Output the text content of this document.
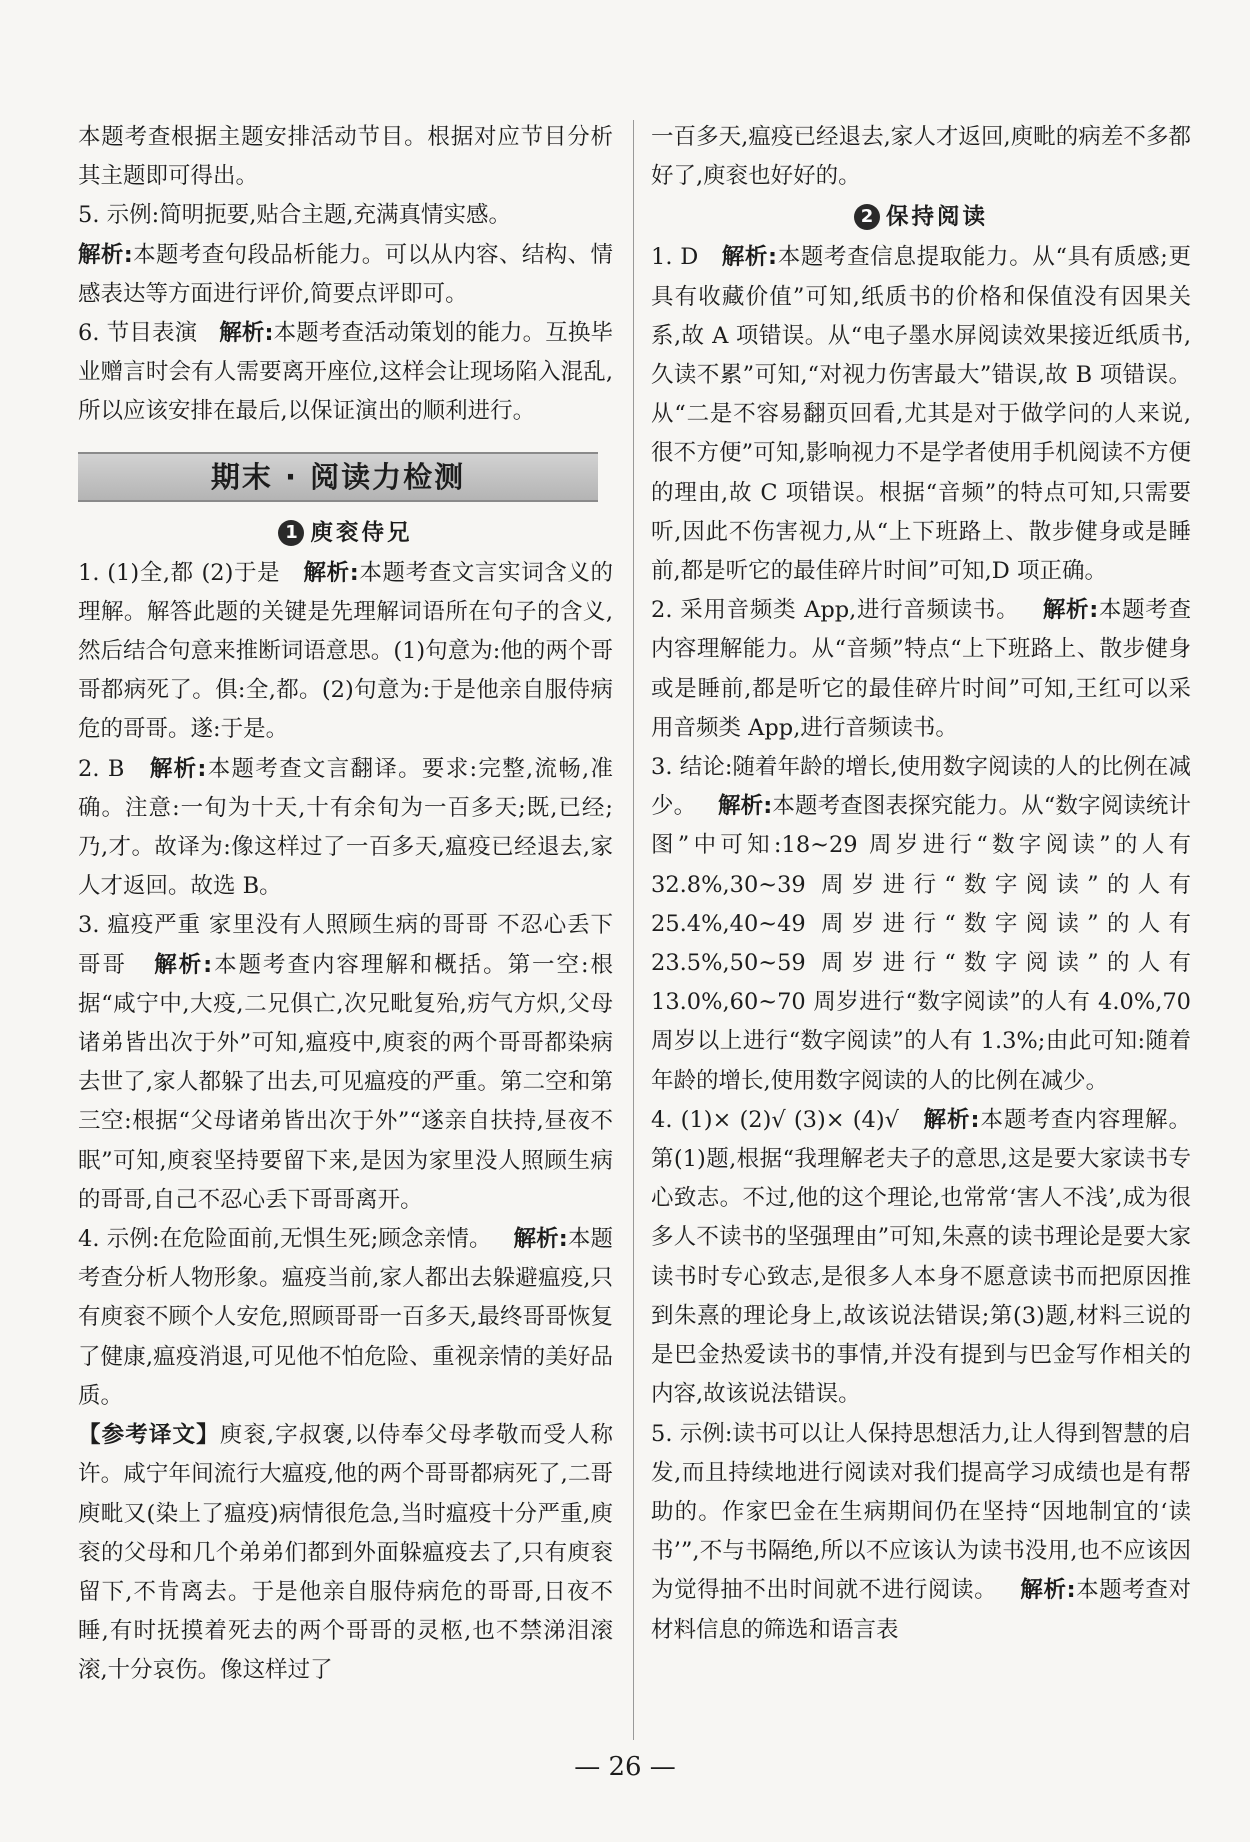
本题考查根据主题安排活动节目。根据对应节目分析其主题即可得出。

5. 示例:简明扼要,贴合主题,充满真情实感。

解析:本题考查句段品析能力。可以从内容、结构、情感表达等方面进行评价,简要点评即可。

6. 节目表演 解析:本题考查活动策划的能力。互换毕业赠言时会有人需要离开座位,这样会让现场陷入混乱,所以应该安排在最后,以保证演出的顺利进行。

期末 · 阅读力检测
1 庾衮侍兄

1. (1)全,都 (2)于是 解析:本题考查文言实词含义的理解。解答此题的关键是先理解词语所在句子的含义,然后结合句意来推断词语意思。(1)句意为:他的两个哥哥都病死了。俱:全,都。(2)句意为:于是他亲自服侍病危的哥哥。遂:于是。

2. B 解析:本题考查文言翻译。要求:完整,流畅,准确。注意:一旬为十天,十有余旬为一百多天;既,已经;乃,才。故译为:像这样过了一百多天,瘟疫已经退去,家人才返回。故选 B。

3. 瘟疫严重 家里没有人照顾生病的哥哥 不忍心丢下哥哥 解析:本题考查内容理解和概括。第一空:根据“咸宁中,大疫,二兄俱亡,次兄毗复殆,疠气方炽,父母诸弟皆出次于外”可知,瘟疫中,庾衮的两个哥哥都染病去世了,家人都躲了出去,可见瘟疫的严重。第二空和第三空:根据“父母诸弟皆出次于外”“遂亲自扶持,昼夜不眠”可知,庾衮坚持要留下来,是因为家里没人照顾生病的哥哥,自己不忍心丢下哥哥离开。

4. 示例:在危险面前,无惧生死;顾念亲情。 解析:本题考查分析人物形象。瘟疫当前,家人都出去躲避瘟疫,只有庾衮不顾个人安危,照顾哥哥一百多天,最终哥哥恢复了健康,瘟疫消退,可见他不怕危险、重视亲情的美好品质。

【参考译文】庾衮,字叔褒,以侍奉父母孝敬而受人称许。咸宁年间流行大瘟疫,他的两个哥哥都病死了,二哥庾毗又(染上了瘟疫)病情很危急,当时瘟疫十分严重,庾衮的父母和几个弟弟们都到外面躲瘟疫去了,只有庾衮留下,不肯离去。于是他亲自服侍病危的哥哥,日夜不睡,有时抚摸着死去的两个哥哥的灵柩,也不禁涕泪滚滚,十分哀伤。像这样过了

一百多天,瘟疫已经退去,家人才返回,庾毗的病差不多都好了,庾衮也好好的。

2 保持阅读

1. D 解析:本题考查信息提取能力。从“具有质感;更具有收藏价值”可知,纸质书的价格和保值没有因果关系,故 A 项错误。从“电子墨水屏阅读效果接近纸质书,久读不累”可知,“对视力伤害最大”错误,故 B 项错误。从“二是不容易翻页回看,尤其是对于做学问的人来说,很不方便”可知,影响视力不是学者使用手机阅读不方便的理由,故 C 项错误。根据“音频”的特点可知,只需要听,因此不伤害视力,从“上下班路上、散步健身或是睡前,都是听它的最佳碎片时间”可知,D 项正确。

2. 采用音频类 App,进行音频读书。 解析:本题考查内容理解能力。从“音频”特点“上下班路上、散步健身或是睡前,都是听它的最佳碎片时间”可知,王红可以采用音频类 App,进行音频读书。

3. 结论:随着年龄的增长,使用数字阅读的人的比例在减少。 解析:本题考查图表探究能力。从“数字阅读统计图”中可知:18~29 周岁进行“数字阅读”的人有 32.8%,30~39 周岁进行“数字阅读”的人有 25.4%,40~49 周岁进行“数字阅读”的人有 23.5%,50~59 周岁进行“数字阅读”的人有 13.0%,60~70 周岁进行“数字阅读”的人有 4.0%,70 周岁以上进行“数字阅读”的人有 1.3%;由此可知:随着年龄的增长,使用数字阅读的人的比例在减少。

4. (1)× (2)√ (3)× (4)√ 解析:本题考查内容理解。第(1)题,根据“我理解老夫子的意思,这是要大家读书专心致志。不过,他的这个理论,也常常‘害人不浅’,成为很多人不读书的坚强理由”可知,朱熹的读书理论是要大家读书时专心致志,是很多人本身不愿意读书而把原因推到朱熹的理论身上,故该说法错误;第(3)题,材料三说的是巴金热爱读书的事情,并没有提到与巴金写作相关的内容,故该说法错误。

5. 示例:读书可以让人保持思想活力,让人得到智慧的启发,而且持续地进行阅读对我们提高学习成绩也是有帮助的。作家巴金在生病期间仍在坚持“因地制宜的‘读书’”,不与书隔绝,所以不应该认为读书没用,也不应该因为觉得抽不出时间就不进行阅读。 解析:本题考查对材料信息的筛选和语言表

— 26 —
